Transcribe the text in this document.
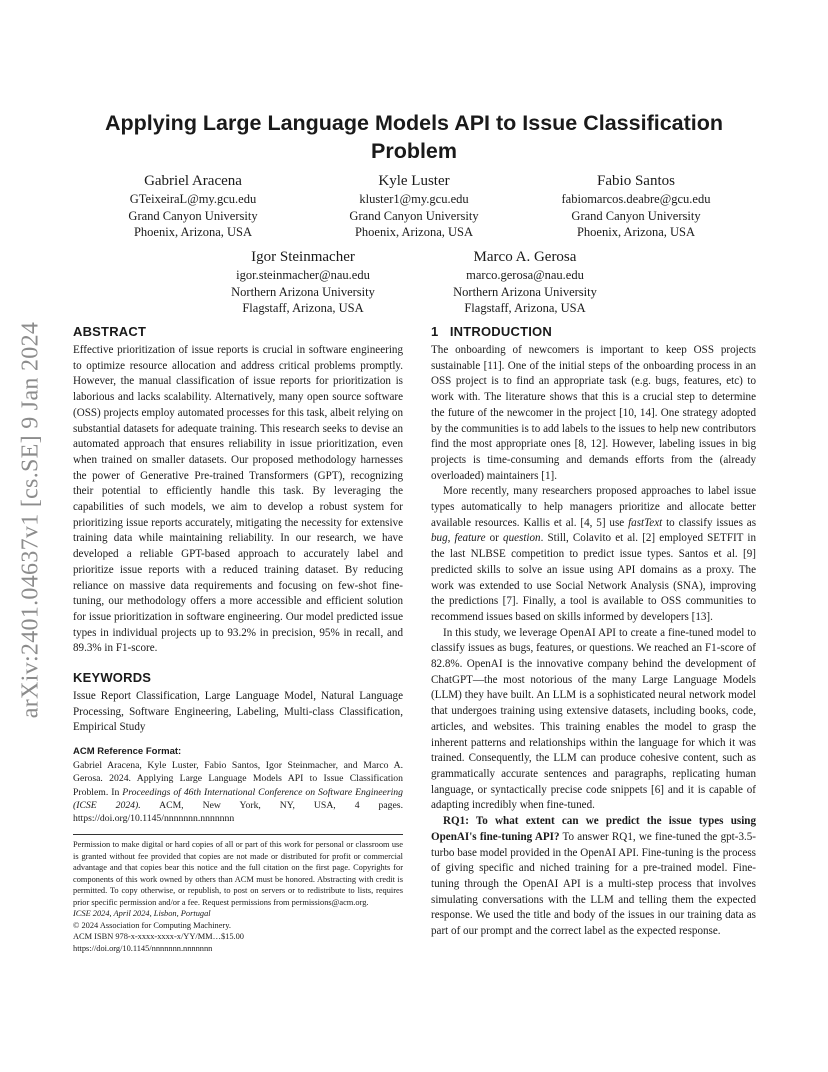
arXiv:2401.04637v1 [cs.SE] 9 Jan 2024
Applying Large Language Models API to Issue Classification Problem
Gabriel Aracena
GTeixeiraL@my.gcu.edu
Grand Canyon University
Phoenix, Arizona, USA
Kyle Luster
kluster1@my.gcu.edu
Grand Canyon University
Phoenix, Arizona, USA
Fabio Santos
fabiomarcos.deabre@gcu.edu
Grand Canyon University
Phoenix, Arizona, USA
Igor Steinmacher
igor.steinmacher@nau.edu
Northern Arizona University
Flagstaff, Arizona, USA
Marco A. Gerosa
marco.gerosa@nau.edu
Northern Arizona University
Flagstaff, Arizona, USA
ABSTRACT

Effective prioritization of issue reports is crucial in software engineering to optimize resource allocation and address critical problems promptly. However, the manual classification of issue reports for prioritization is laborious and lacks scalability. Alternatively, many open source software (OSS) projects employ automated processes for this task, albeit relying on substantial datasets for adequate training. This research seeks to devise an automated approach that ensures reliability in issue prioritization, even when trained on smaller datasets. Our proposed methodology harnesses the power of Generative Pre-trained Transformers (GPT), recognizing their potential to efficiently handle this task. By leveraging the capabilities of such models, we aim to develop a robust system for prioritizing issue reports accurately, mitigating the necessity for extensive training data while maintaining reliability. In our research, we have developed a reliable GPT-based approach to accurately label and prioritize issue reports with a reduced training dataset. By reducing reliance on massive data requirements and focusing on few-shot fine-tuning, our methodology offers a more accessible and efficient solution for issue prioritization in software engineering. Our model predicted issue types in individual projects up to 93.2% in precision, 95% in recall, and 89.3% in F1-score.

KEYWORDS

Issue Report Classification, Large Language Model, Natural Language Processing, Software Engineering, Labeling, Multi-class Classification, Empirical Study

ACM Reference Format:

Gabriel Aracena, Kyle Luster, Fabio Santos, Igor Steinmacher, and Marco A. Gerosa. 2024. Applying Large Language Models API to Issue Classification Problem. In Proceedings of 46th International Conference on Software Engineering (ICSE 2024). ACM, New York, NY, USA, 4 pages. https://doi.org/10.1145/nnnnnnn.nnnnnnn

Permission to make digital or hard copies of all or part of this work for personal or classroom use is granted without fee provided that copies are not made or distributed for profit or commercial advantage and that copies bear this notice and the full citation on the first page. Copyrights for components of this work owned by others than ACM must be honored. Abstracting with credit is permitted. To copy otherwise, or republish, to post on servers or to redistribute to lists, requires prior specific permission and/or a fee. Request permissions from permissions@acm.org.

ICSE 2024, April 2024, Lisbon, Portugal

© 2024 Association for Computing Machinery.

ACM ISBN 978-x-xxxx-xxxx-x/YY/MM…$15.00

https://doi.org/10.1145/nnnnnnn.nnnnnnn

1   INTRODUCTION

The onboarding of newcomers is important to keep OSS projects sustainable [11]. One of the initial steps of the onboarding process in an OSS project is to find an appropriate task (e.g. bugs, features, etc) to work with. The literature shows that this is a crucial step to determine the future of the newcomer in the project [10, 14]. One strategy adopted by the communities is to add labels to the issues to help new contributors find the most appropriate ones [8, 12]. However, labeling issues in big projects is time-consuming and demands efforts from the (already overloaded) maintainers [1].

More recently, many researchers proposed approaches to label issue types automatically to help managers prioritize and allocate better available resources. Kallis et al. [4, 5] use fastText to classify issues as bug, feature or question. Still, Colavito et al. [2] employed SETFIT in the last NLBSE competition to predict issue types. Santos et al. [9] predicted skills to solve an issue using API domains as a proxy. The work was extended to use Social Network Analysis (SNA), improving the predictions [7]. Finally, a tool is available to OSS communities to recommend issues based on skills informed by developers [13].

In this study, we leverage OpenAI API to create a fine-tuned model to classify issues as bugs, features, or questions. We reached an F1-score of 82.8%. OpenAI is the innovative company behind the development of ChatGPT—the most notorious of the many Large Language Models (LLM) they have built. An LLM is a sophisticated neural network model that undergoes training using extensive datasets, including books, code, articles, and websites. This training enables the model to grasp the inherent patterns and relationships within the language for which it was trained. Consequently, the LLM can produce cohesive content, such as grammatically accurate sentences and paragraphs, replicating human language, or syntactically precise code snippets [6] and it is capable of adapting incredibly when fine-tuned.

RQ1: To what extent can we predict the issue types using OpenAI's fine-tuning API? To answer RQ1, we fine-tuned the gpt-3.5-turbo base model provided in the OpenAI API. Fine-tuning is the process of giving specific and niched training for a pre-trained model. Fine-tuning through the OpenAI API is a multi-step process that involves simulating conversations with the LLM and telling them the expected response. We used the title and body of the issues in our training data as part of our prompt and the correct label as the expected response.
